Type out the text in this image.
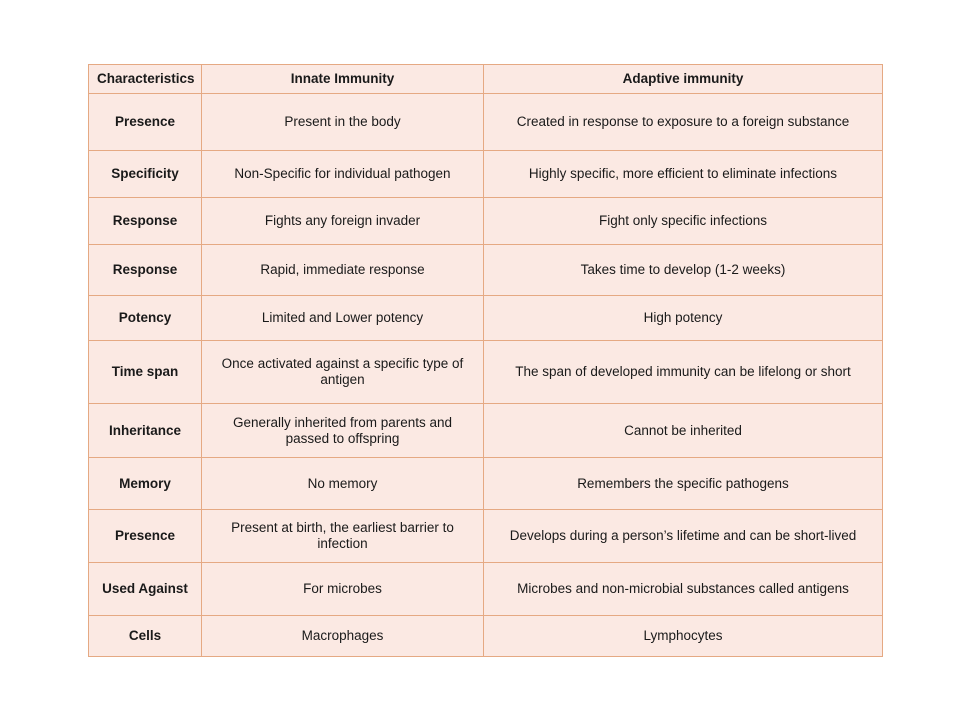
Characteristics	Innate Immunity	Adaptive immunity
Presence	Present in the body	Created in response to exposure to a foreign substance
Specificity	Non-Specific for individual pathogen	Highly specific, more efficient to eliminate infections
Response	Fights any foreign invader	Fight only specific infections
Response	Rapid, immediate response	Takes time to develop (1-2 weeks)
Potency	Limited and Lower potency	High potency
Time span	Once activated against a specific type of antigen	The span of developed immunity can be lifelong or short
Inheritance	Generally inherited from parents and passed to offspring	Cannot be inherited
Memory	No memory	Remembers the specific pathogens
Presence	Present at birth, the earliest barrier to infection	Develops during a person’s lifetime and can be short-lived
Used Against	For microbes	Microbes and non-microbial substances called antigens
Cells	Macrophages	Lymphocytes
